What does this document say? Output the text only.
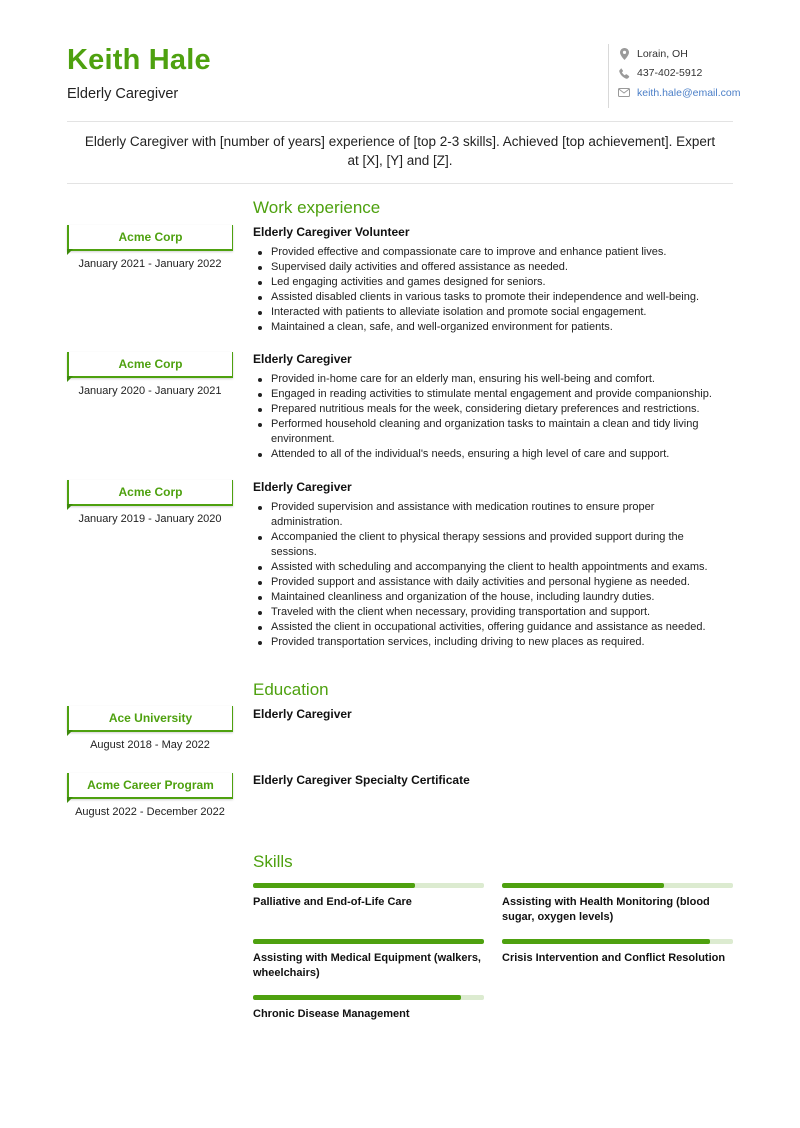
Keith Hale
Elderly Caregiver
Lorain, OH
437-402-5912
keith.hale@email.com
Elderly Caregiver with [number of years] experience of [top 2-3 skills]. Achieved [top achievement]. Expert at [X], [Y] and [Z].
Work experience
Acme Corp
January 2021 - January 2022
Elderly Caregiver Volunteer
Provided effective and compassionate care to improve and enhance patient lives.
Supervised daily activities and offered assistance as needed.
Led engaging activities and games designed for seniors.
Assisted disabled clients in various tasks to promote their independence and well-being.
Interacted with patients to alleviate isolation and promote social engagement.
Maintained a clean, safe, and well-organized environment for patients.
Acme Corp
January 2020 - January 2021
Elderly Caregiver
Provided in-home care for an elderly man, ensuring his well-being and comfort.
Engaged in reading activities to stimulate mental engagement and provide companionship.
Prepared nutritious meals for the week, considering dietary preferences and restrictions.
Performed household cleaning and organization tasks to maintain a clean and tidy living environment.
Attended to all of the individual's needs, ensuring a high level of care and support.
Acme Corp
January 2019 - January 2020
Elderly Caregiver
Provided supervision and assistance with medication routines to ensure proper administration.
Accompanied the client to physical therapy sessions and provided support during the sessions.
Assisted with scheduling and accompanying the client to health appointments and exams.
Provided support and assistance with daily activities and personal hygiene as needed.
Maintained cleanliness and organization of the house, including laundry duties.
Traveled with the client when necessary, providing transportation and support.
Assisted the client in occupational activities, offering guidance and assistance as needed.
Provided transportation services, including driving to new places as required.
Education
Ace University
August 2018 - May 2022
Elderly Caregiver
Acme Career Program
August 2022 - December 2022
Elderly Caregiver Specialty Certificate
Skills
Palliative and End-of-Life Care	Assisting with Health Monitoring (blood sugar, oxygen levels)
Assisting with Medical Equipment (walkers, wheelchairs)
Crisis Intervention and Conflict Resolution
Chronic Disease Management
